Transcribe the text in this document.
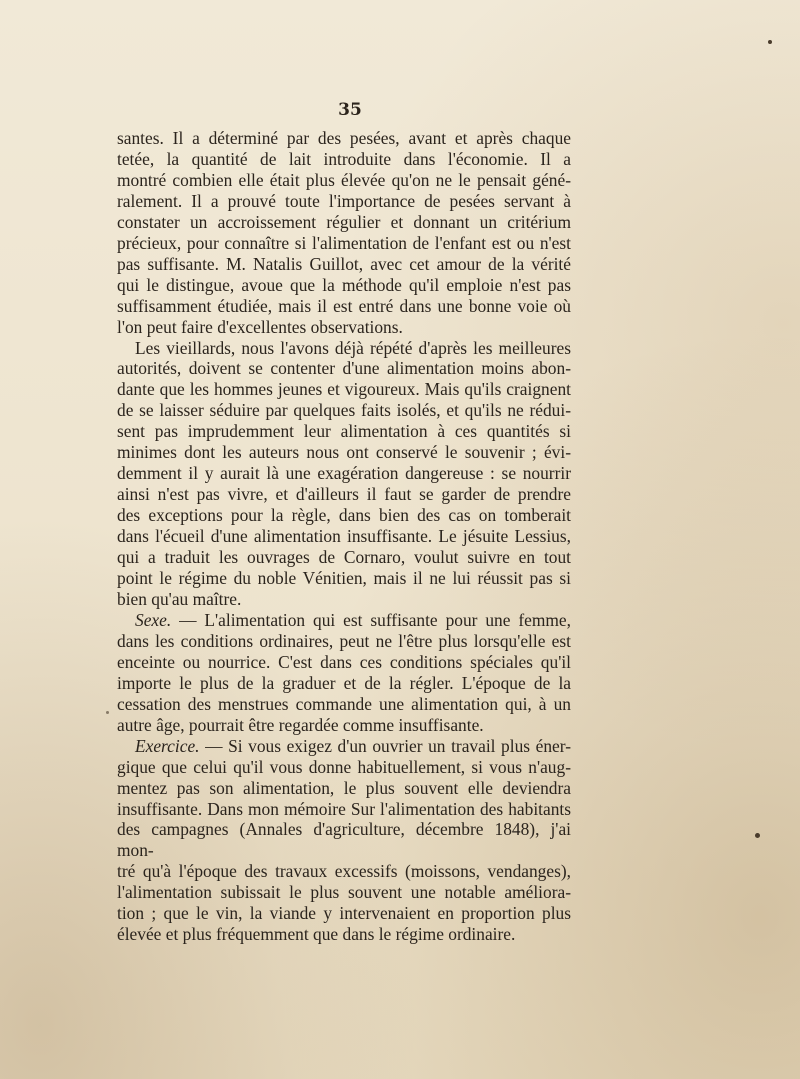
35

santes. Il a déterminé par des pesées, avant et après chaque

tetée, la quantité de lait introduite dans l'économie. Il a

montré combien elle était plus élevée qu'on ne le pensait géné-

ralement. Il a prouvé toute l'importance de pesées servant à

constater un accroissement régulier et donnant un critérium

précieux, pour connaître si l'alimentation de l'enfant est ou n'est

pas suffisante. M. Natalis Guillot, avec cet amour de la vérité

qui le distingue, avoue que la méthode qu'il emploie n'est pas

suffisamment étudiée, mais il est entré dans une bonne voie où

l'on peut faire d'excellentes observations.

Les vieillards, nous l'avons déjà répété d'après les meilleures

autorités, doivent se contenter d'une alimentation moins abon-

dante que les hommes jeunes et vigoureux. Mais qu'ils craignent

de se laisser séduire par quelques faits isolés, et qu'ils ne rédui-

sent pas imprudemment leur alimentation à ces quantités si

minimes dont les auteurs nous ont conservé le souvenir ; évi-

demment il y aurait là une exagération dangereuse : se nourrir

ainsi n'est pas vivre, et d'ailleurs il faut se garder de prendre

des exceptions pour la règle, dans bien des cas on tomberait

dans l'écueil d'une alimentation insuffisante. Le jésuite Lessius,

qui a traduit les ouvrages de Cornaro, voulut suivre en tout

point le régime du noble Vénitien, mais il ne lui réussit pas si

bien qu'au maître.

Sexe. — L'alimentation qui est suffisante pour une femme,

dans les conditions ordinaires, peut ne l'être plus lorsqu'elle est

enceinte ou nourrice. C'est dans ces conditions spéciales qu'il

importe le plus de la graduer et de la régler. L'époque de la

cessation des menstrues commande une alimentation qui, à un

autre âge, pourrait être regardée comme insuffisante.

Exercice. — Si vous exigez d'un ouvrier un travail plus éner-

gique que celui qu'il vous donne habituellement, si vous n'aug-

mentez pas son alimentation, le plus souvent elle deviendra

insuffisante. Dans mon mémoire Sur l'alimentation des habitants

des campagnes (Annales d'agriculture, décembre 1848), j'ai mon-

tré qu'à l'époque des travaux excessifs (moissons, vendanges),

l'alimentation subissait le plus souvent une notable améliora-

tion ; que le vin, la viande y intervenaient en proportion plus

élevée et plus fréquemment que dans le régime ordinaire.
